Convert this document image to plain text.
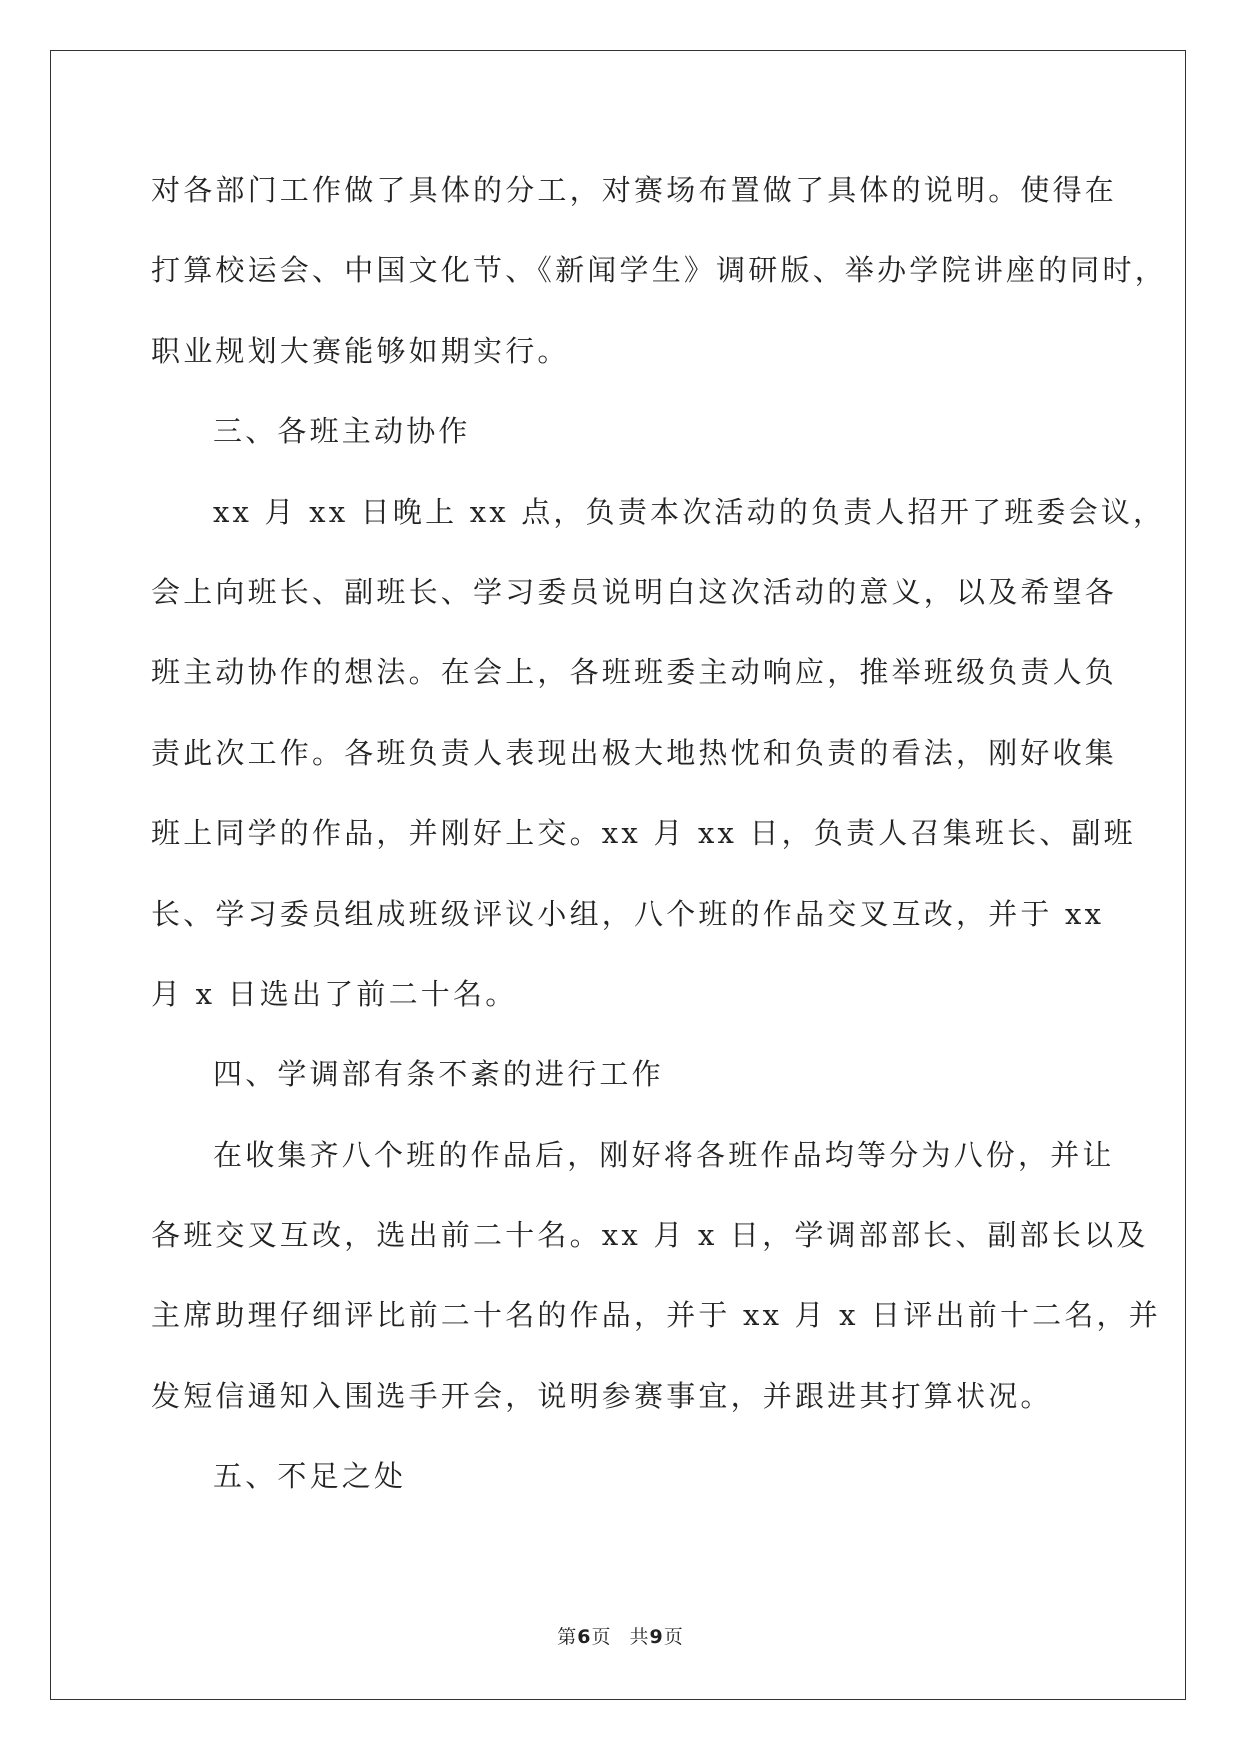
对各部门工作做了具体的分工，对赛场布置做了具体的说明。使得在

打算校运会、中国文化节、《新闻学生》调研版、举办学院讲座的同时，

职业规划大赛能够如期实行。

三、各班主动协作

xx 月 xx 日晚上 xx 点，负责本次活动的负责人招开了班委会议，

会上向班长、副班长、学习委员说明白这次活动的意义，以及希望各

班主动协作的想法。在会上，各班班委主动响应，推举班级负责人负

责此次工作。各班负责人表现出极大地热忱和负责的看法，刚好收集

班上同学的作品，并刚好上交。xx 月 xx 日，负责人召集班长、副班

长、学习委员组成班级评议小组，八个班的作品交叉互改，并于 xx

月 x 日选出了前二十名。

四、学调部有条不紊的进行工作

在收集齐八个班的作品后，刚好将各班作品均等分为八份，并让

各班交叉互改，选出前二十名。xx 月 x 日，学调部部长、副部长以及

主席助理仔细评比前二十名的作品，并于 xx 月 x 日评出前十二名，并

发短信通知入围选手开会，说明参赛事宜，并跟进其打算状况。

五、不足之处

第6页 共9页
